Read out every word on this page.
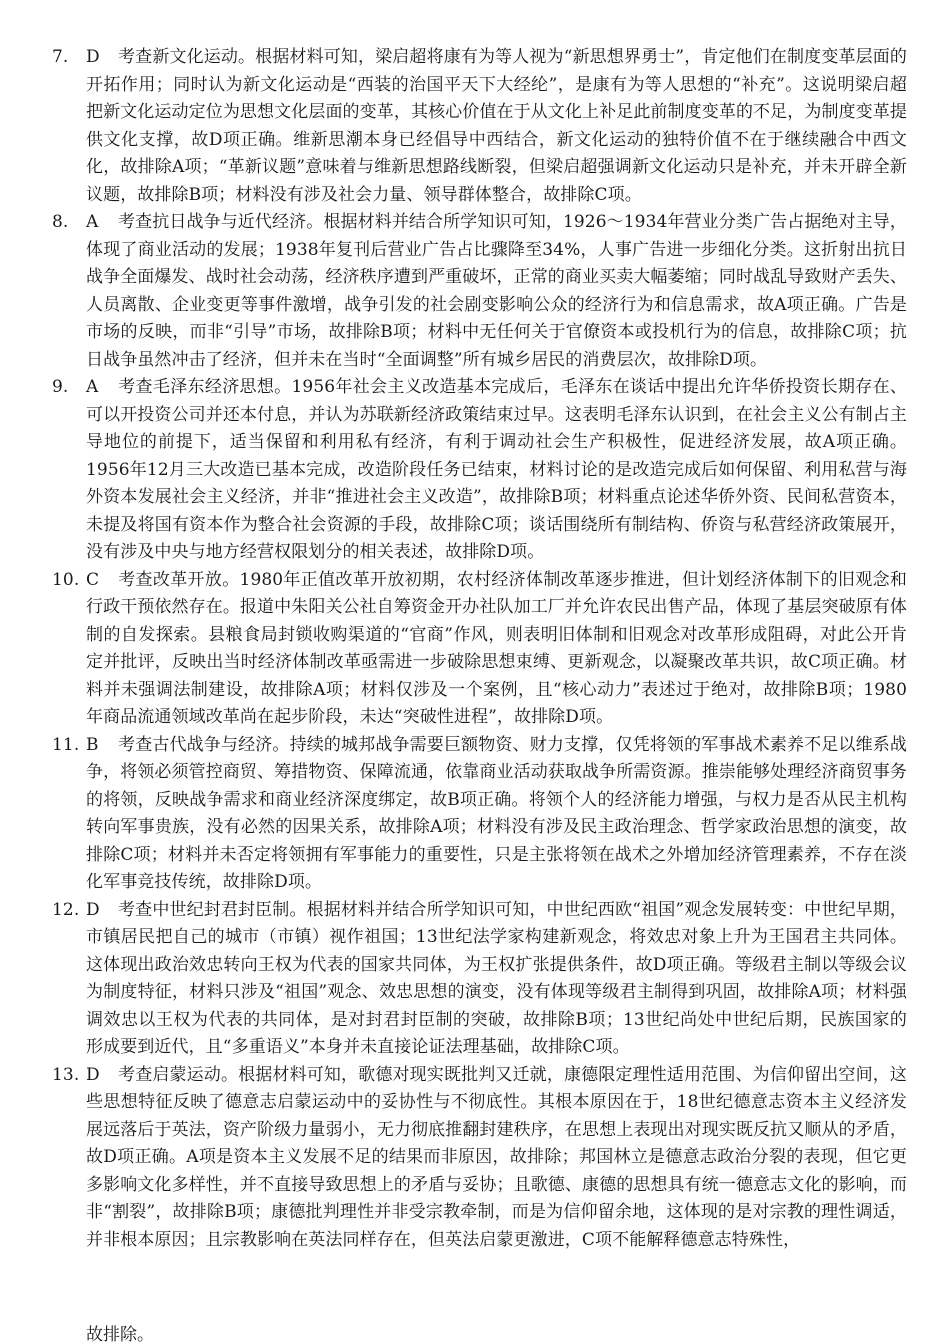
7. D 考查新文化运动。根据材料可知，梁启超将康有为等人视为“新思想界勇士”，肯定他们在制度变革层面的开拓作用；同时认为新文化运动是“西装的治国平天下大经纶”，是康有为等人思想的“补充”。这说明梁启超把新文化运动定位为思想文化层面的变革，其核心价值在于从文化上补足此前制度变革的不足，为制度变革提供文化支撑，故D项正确。维新思潮本身已经倡导中西结合，新文化运动的独特价值不在于继续融合中西文化，故排除A项；“革新议题”意味着与维新思想路线断裂，但梁启超强调新文化运动只是补充，并未开辟全新议题，故排除B项；材料没有涉及社会力量、领导群体整合，故排除C项。

8. A 考查抗日战争与近代经济。根据材料并结合所学知识可知，1926～1934年营业分类广告占据绝对主导，体现了商业活动的发展；1938年复刊后营业广告占比骤降至34%，人事广告进一步细化分类。这折射出抗日战争全面爆发、战时社会动荡，经济秩序遭到严重破坏，正常的商业买卖大幅萎缩；同时战乱导致财产丢失、人员离散、企业变更等事件激增，战争引发的社会剧变影响公众的经济行为和信息需求，故A项正确。广告是市场的反映，而非“引导”市场，故排除B项；材料中无任何关于官僚资本或投机行为的信息，故排除C项；抗日战争虽然冲击了经济，但并未在当时“全面调整”所有城乡居民的消费层次，故排除D项。

9. A 考查毛泽东经济思想。1956年社会主义改造基本完成后，毛泽东在谈话中提出允许华侨投资长期存在、可以开投资公司并还本付息，并认为苏联新经济政策结束过早。这表明毛泽东认识到，在社会主义公有制占主导地位的前提下，适当保留和利用私有经济，有利于调动社会生产积极性，促进经济发展，故A项正确。1956年12月三大改造已基本完成，改造阶段任务已结束，材料讨论的是改造完成后如何保留、利用私营与海外资本发展社会主义经济，并非“推进社会主义改造”，故排除B项；材料重点论述华侨外资、民间私营资本，未提及将国有资本作为整合社会资源的手段，故排除C项；谈话围绕所有制结构、侨资与私营经济政策展开，没有涉及中央与地方经营权限划分的相关表述，故排除D项。

10. C 考查改革开放。1980年正值改革开放初期，农村经济体制改革逐步推进，但计划经济体制下的旧观念和行政干预依然存在。报道中朱阳关公社自筹资金开办社队加工厂并允许农民出售产品，体现了基层突破原有体制的自发探索。县粮食局封锁收购渠道的“官商”作风，则表明旧体制和旧观念对改革形成阻碍，对此公开肯定并批评，反映出当时经济体制改革亟需进一步破除思想束缚、更新观念，以凝聚改革共识，故C项正确。材料并未强调法制建设，故排除A项；材料仅涉及一个案例，且“核心动力”表述过于绝对，故排除B项；1980年商品流通领域改革尚在起步阶段，未达“突破性进程”，故排除D项。

11. B 考查古代战争与经济。持续的城邦战争需要巨额物资、财力支撑，仅凭将领的军事战术素养不足以维系战争，将领必须管控商贸、筹措物资、保障流通，依靠商业活动获取战争所需资源。推崇能够处理经济商贸事务的将领，反映战争需求和商业经济深度绑定，故B项正确。将领个人的经济能力增强，与权力是否从民主机构转向军事贵族，没有必然的因果关系，故排除A项；材料没有涉及民主政治理念、哲学家政治思想的演变，故排除C项；材料并未否定将领拥有军事能力的重要性，只是主张将领在战术之外增加经济管理素养，不存在淡化军事竞技传统，故排除D项。

12. D 考查中世纪封君封臣制。根据材料并结合所学知识可知，中世纪西欧“祖国”观念发展转变：中世纪早期，市镇居民把自己的城市（市镇）视作祖国；13世纪法学家构建新观念，将效忠对象上升为王国君主共同体。这体现出政治效忠转向王权为代表的国家共同体，为王权扩张提供条件，故D项正确。等级君主制以等级会议为制度特征，材料只涉及“祖国”观念、效忠思想的演变，没有体现等级君主制得到巩固，故排除A项；材料强调效忠以王权为代表的共同体，是对封君封臣制的突破，故排除B项；13世纪尚处中世纪后期，民族国家的形成要到近代，且“多重语义”本身并未直接论证法理基础，故排除C项。

13. D 考查启蒙运动。根据材料可知，歌德对现实既批判又迁就，康德限定理性适用范围、为信仰留出空间，这些思想特征反映了德意志启蒙运动中的妥协性与不彻底性。其根本原因在于，18世纪德意志资本主义经济发展远落后于英法，资产阶级力量弱小，无力彻底推翻封建秩序，在思想上表现出对现实既反抗又顺从的矛盾，故D项正确。A项是资本主义发展不足的结果而非原因，故排除；邦国林立是德意志政治分裂的表现，但它更多影响文化多样性，并不直接导致思想上的矛盾与妥协；且歌德、康德的思想具有统一德意志文化的影响，而非“割裂”，故排除B项；康德批判理性并非受宗教牵制，而是为信仰留余地，这体现的是对宗教的理性调适，并非根本原因；且宗教影响在英法同样存在，但英法启蒙更激进，C项不能解释德意志特殊性，

故排除。
